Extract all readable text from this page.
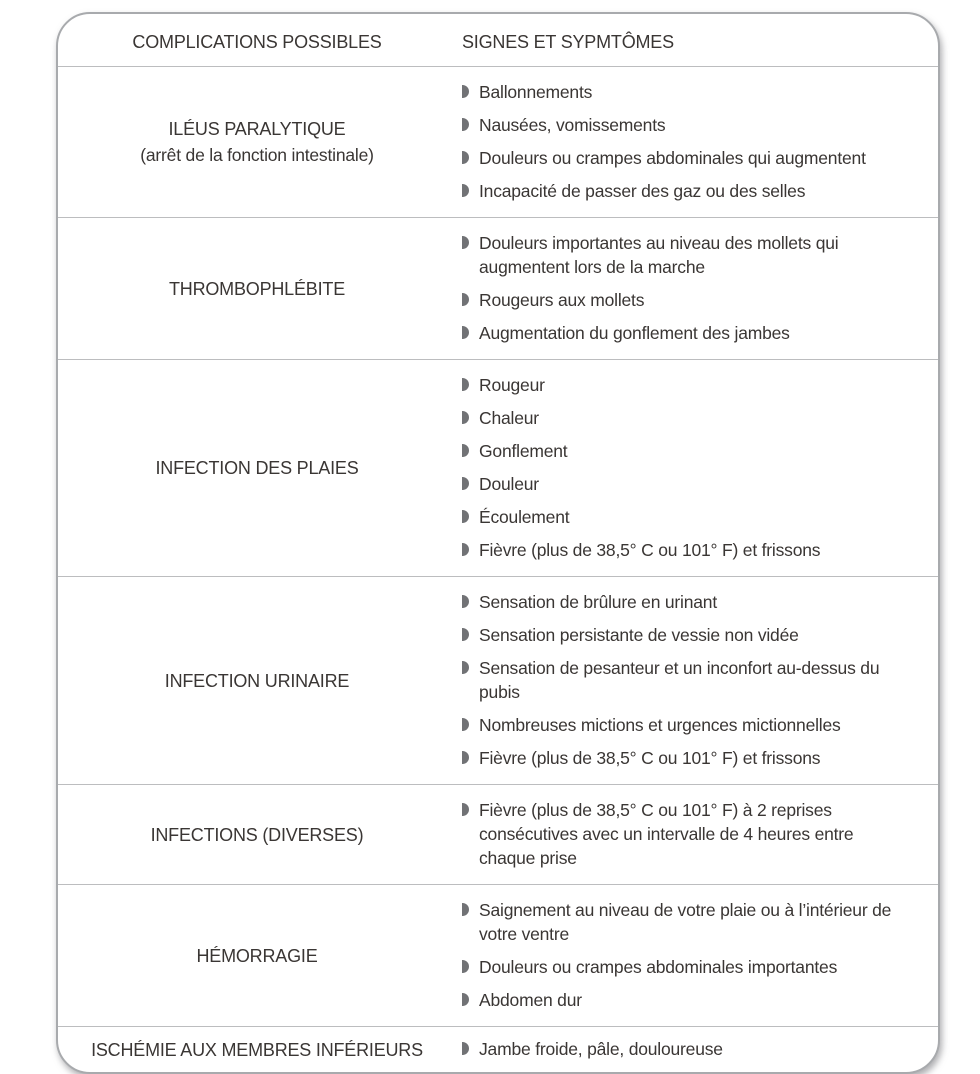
COMPLICATIONS POSSIBLES	SIGNES ET SYPMTÔMES
ILÉUS PARALYTIQUE
(arrêt de la fonction intestinale)
Ballonnements
Nausées, vomissements
Douleurs ou crampes abdominales qui augmentent
Incapacité de passer des gaz ou des selles
THROMBOPHLÉBITE
Douleurs importantes au niveau des mollets qui augmentent lors de la marche
Rougeurs aux mollets
Augmentation du gonflement des jambes
INFECTION DES PLAIES
Rougeur
Chaleur
Gonflement
Douleur
Écoulement
Fièvre (plus de 38,5° C ou 101° F) et frissons
INFECTION URINAIRE
Sensation de brûlure en urinant
Sensation persistante de vessie non vidée
Sensation de pesanteur et un inconfort au-dessus du pubis
Nombreuses mictions et urgences mictionnelles
Fièvre (plus de 38,5° C ou 101° F) et frissons
INFECTIONS (DIVERSES)
Fièvre (plus de 38,5° C ou 101° F) à 2 reprises consécutives avec un intervalle de 4 heures entre chaque prise
HÉMORRAGIE
Saignement au niveau de votre plaie ou à l’intérieur de votre ventre
Douleurs ou crampes abdominales importantes
Abdomen dur
ISCHÉMIE AUX MEMBRES INFÉRIEURS	Jambe froide, pâle, douloureuse
